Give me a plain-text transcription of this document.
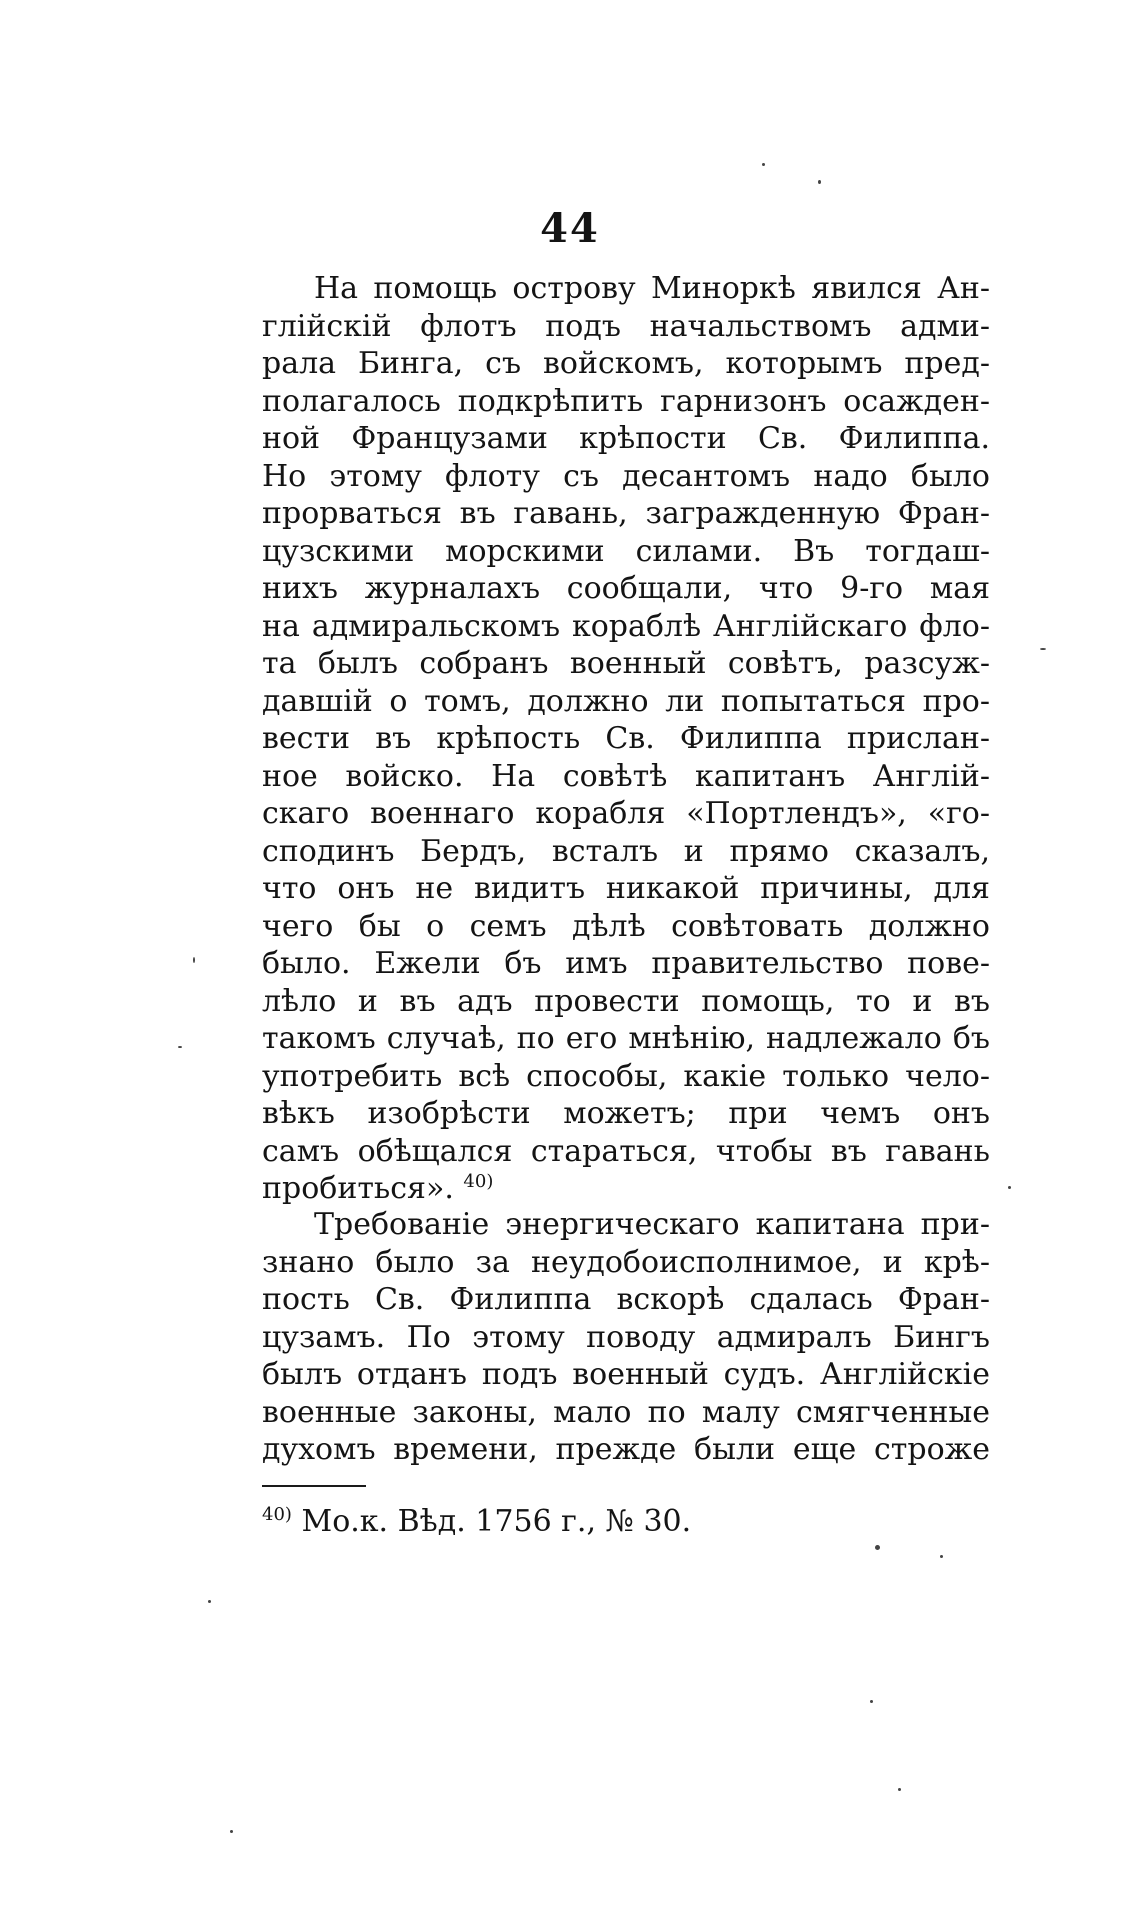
44
На помощь острову Миноркѣ явился Ан-
глiйскiй флотъ подъ начальствомъ адми-
рала Бинга, съ войскомъ, которымъ пред-
полагалось подкрѣпить гарнизонъ осажден-
ной Французами крѣпости Св. Филиппа.
Но этому флоту съ десантомъ надо было
прорваться въ гавань, загражденную Фран-
цузскими морскими силами. Въ тогдаш-
нихъ журналахъ сообщали, что 9-го мая
на адмиральскомъ кораблѣ Англiйскаго фло-
та былъ собранъ военный совѣтъ, разсуж-
давшiй о томъ, должно ли попытаться про-
вести въ крѣпость Св. Филиппа прислан-
ное войско. На совѣтѣ капитанъ Англiй-
скаго военнаго корабля «Портлендъ», «го-
сподинъ Бердъ, всталъ и прямо сказалъ,
что онъ не видитъ никакой причины, для
чего бы о семъ дѣлѣ совѣтовать должно
было. Ежели бъ имъ правительство пове-
лѣло и въ адъ провести помощь, то и въ
такомъ случаѣ, по его мнѣнiю, надлежало бъ
употребить всѣ способы, какiе только чело-
вѣкъ изобрѣсти можетъ; при чемъ онъ
самъ обѣщался стараться, чтобы въ гавань
пробиться». $^{40)}$
Требованiе энергическаго капитана при-
знано было за неудобоисполнимое, и крѣ-
пость Св. Филиппа вскорѣ сдалась Фран-
цузамъ. По этому поводу адмиралъ Бингъ
былъ отданъ подъ военный судъ. Англiйскiе
военные законы, мало по малу смягченные
духомъ времени, прежде были еще строже
$^{40)}$ Мо.к. Вѣд. 1756 г., № 30.
